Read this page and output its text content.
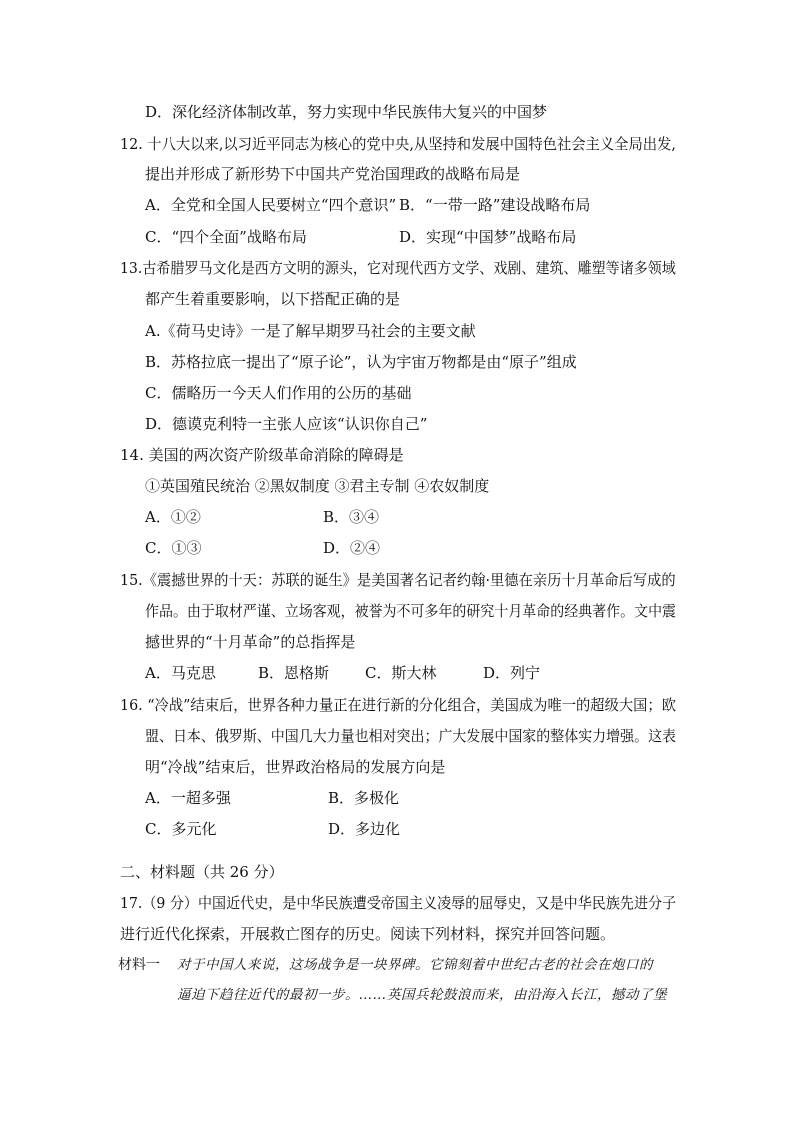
D．深化经济体制改革，努力实现中华民族伟大复兴的中国梦
12. 十八大以来,以习近平同志为核心的党中央,从坚持和发展中国特色社会主义全局出发,
提出并形成了新形势下中国共产党治国理政的战略布局是
A．全党和全国人民要树立“四个意识” B．“一带一路”建设战略布局
C．“四个全面”战略布局	D．实现“中国梦”战略布局
13.古希腊罗马文化是西方文明的源头，它对现代西方文学、戏剧、建筑、雕塑等诸多领域
都产生着重要影响，以下搭配正确的是
A.《荷马史诗》一是了解早期罗马社会的主要文献
B．苏格拉底一提出了“原子论”，认为宇宙万物都是由“原子”组成
C．儒略历一今天人们作用的公历的基础
D．德谟克利特一主张人应该“认识你自己”
14. 美国的两次资产阶级革命消除的障碍是
①英国殖民统治 ②黑奴制度 ③君主专制 ④农奴制度
A．①②	B．③④
C．①③	D．②④
15.《震撼世界的十天：苏联的诞生》是美国著名记者约翰·里德在亲历十月革命后写成的
作品。由于取材严谨、立场客观，被誉为不可多年的研究十月革命的经典著作。文中震
撼世界的“十月革命”的总指挥是
A．马克思	B．恩格斯 C．斯大林	D．列宁
16. “冷战”结束后，世界各种力量正在进行新的分化组合，美国成为唯一的超级大国；欧
盟、日本、俄罗斯、中国几大力量也相对突出；广大发展中国家的整体实力增强。这表
明“冷战”结束后，世界政治格局的发展方向是
A．一超多强	B．多极化
C．多元化	D．多边化
二、材料题（共 26 分）
17.（9 分）中国近代史，是中华民族遭受帝国主义凌辱的屈辱史，又是中华民族先进分子
进行近代化探索，开展救亡图存的历史。阅读下列材料，探究并回答问题。
材料一 对于中国人来说，这场战争是一块界碑。它锦刻着中世纪古老的社会在炮口的
逼迫下趋往近代的最初一步。……英国兵轮鼓浪而来，由沿海入长江，撼动了堡
